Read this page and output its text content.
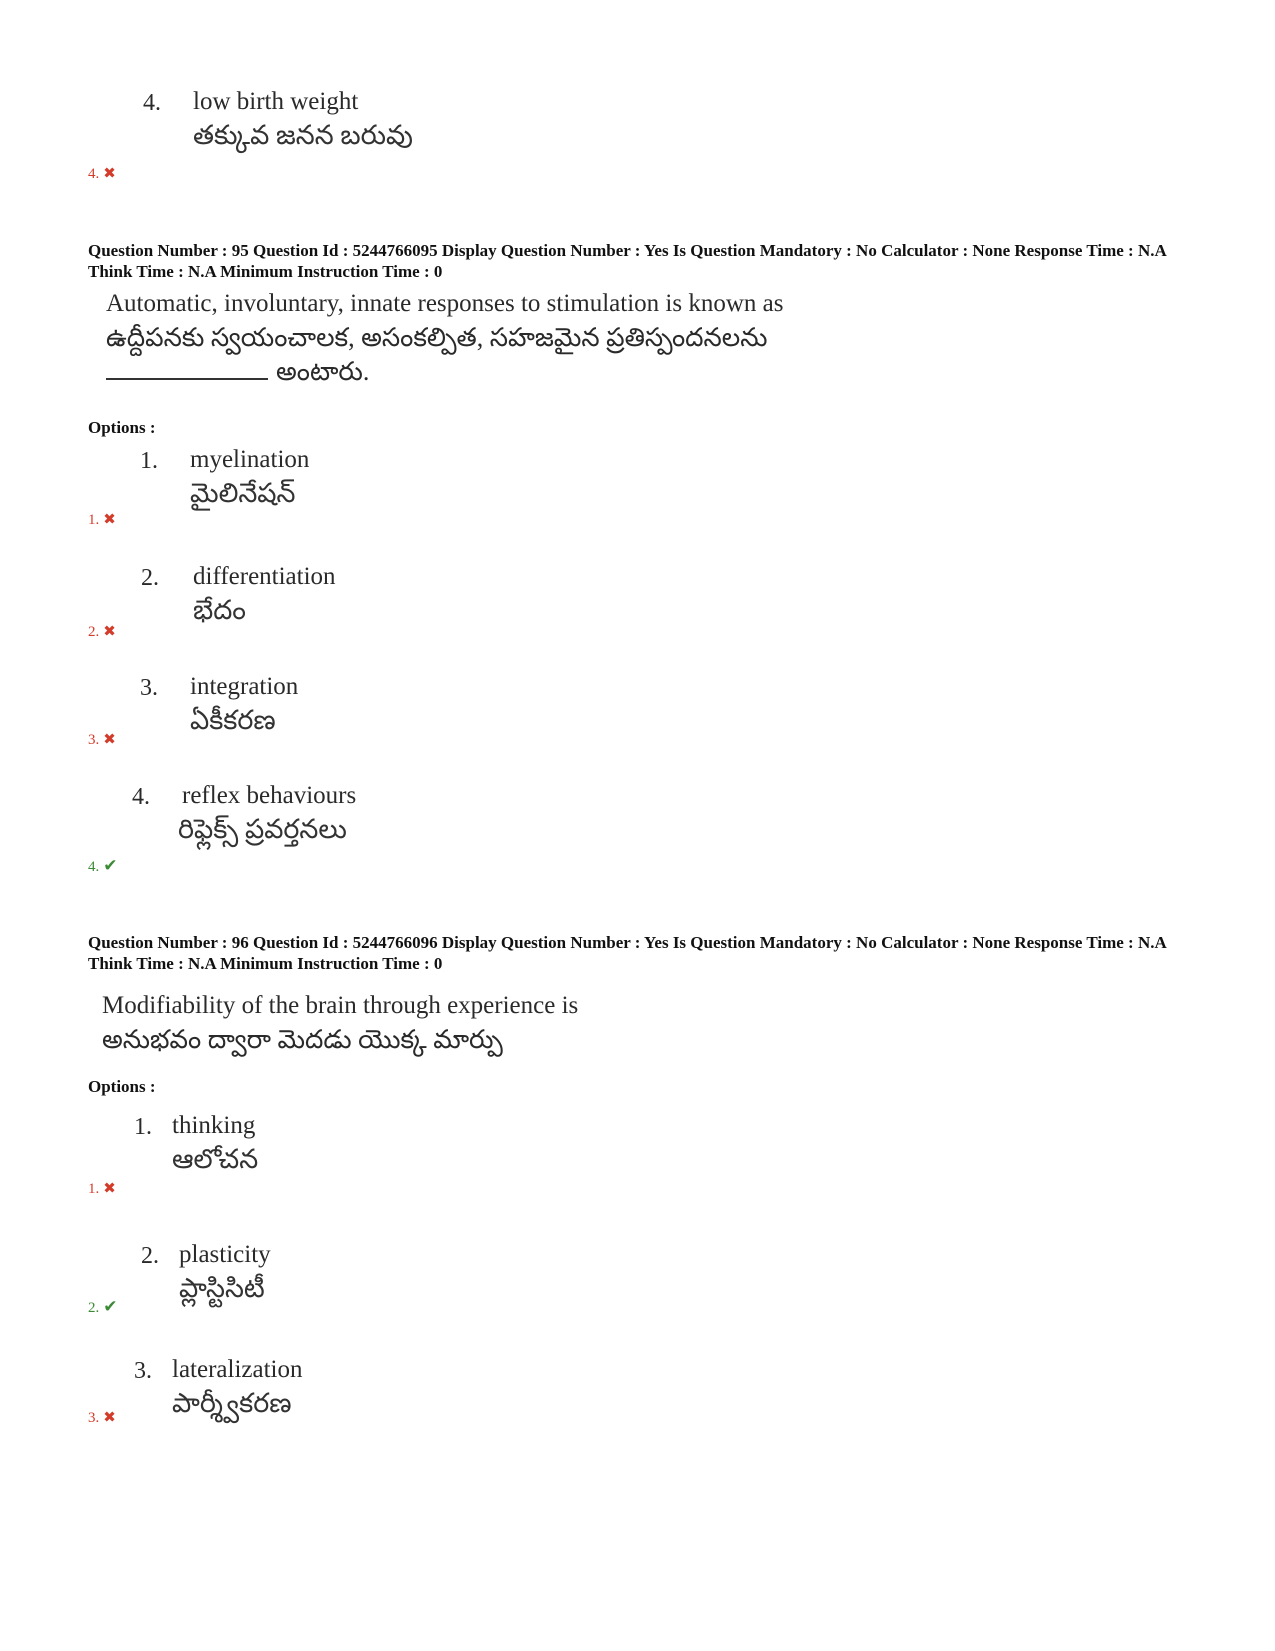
4. low birth weight
తక్కువ జనన బరువు
4. ✖
Question Number : 95 Question Id : 5244766095 Display Question Number : Yes Is Question Mandatory : No Calculator : None Response Time : N.A Think Time : N.A Minimum Instruction Time : 0
Automatic, involuntary, innate responses to stimulation is known as
ఉద్దీపనకు స్వయంచాలక, అసంకల్పిత, సహజమైన ప్రతిస్పందనలను
అంటారు.
Options :
1. myelination
మైలినేషన్
1. ✖
2. differentiation
భేదం
2. ✖
3. integration
ఏకీకరణ
3. ✖
4. reflex behaviours
రిఫ్లెక్స్ ప్రవర్తనలు
4. ✔
Question Number : 96 Question Id : 5244766096 Display Question Number : Yes Is Question Mandatory : No Calculator : None Response Time : N.A Think Time : N.A Minimum Instruction Time : 0
Modifiability of the brain through experience is
అనుభవం ద్వారా మెదడు యొక్క మార్పు
Options :
1. thinking
ఆలోచన
1. ✖
2. plasticity
ప్లాస్టిసిటీ
2. ✔
3. lateralization
పార్శ్వీకరణ
3. ✖
